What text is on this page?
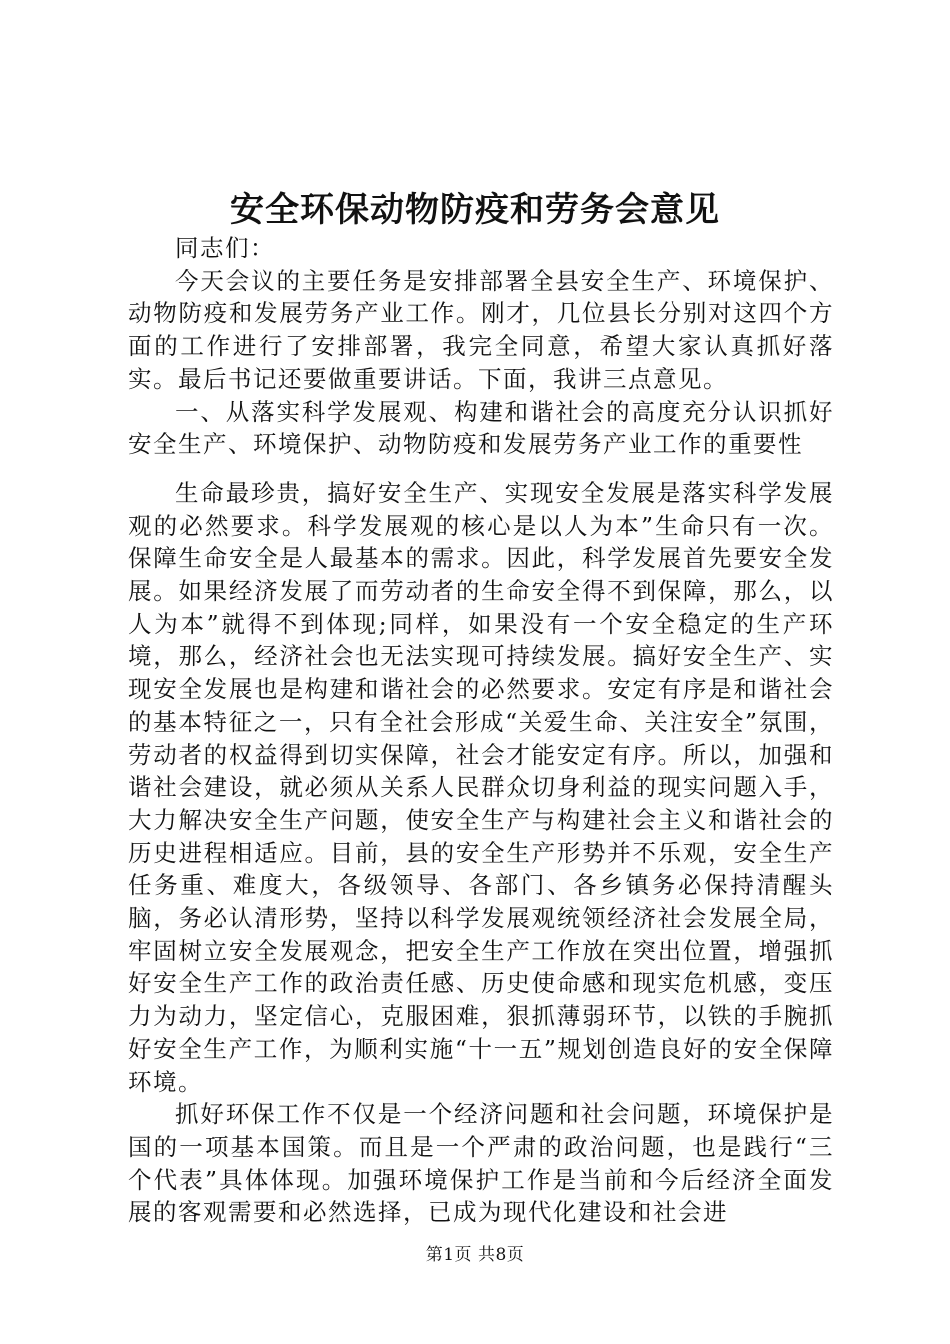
安全环保动物防疫和劳务会意见

同志们：

今天会议的主要任务是安排部署全县安全生产、环境保护、动物防疫和发展劳务产业工作。刚才，几位县长分别对这四个方面的工作进行了安排部署，我完全同意，希望大家认真抓好落实。最后书记还要做重要讲话。下面，我讲三点意见。

一、从落实科学发展观、构建和谐社会的高度充分认识抓好安全生产、环境保护、动物防疫和发展劳务产业工作的重要性

生命最珍贵，搞好安全生产、实现安全发展是落实科学发展观的必然要求。科学发展观的核心是以人为本”生命只有一次。保障生命安全是人最基本的需求。因此，科学发展首先要安全发展。如果经济发展了而劳动者的生命安全得不到保障，那么，以人为本”就得不到体现;同样，如果没有一个安全稳定的生产环境，那么，经济社会也无法实现可持续发展。搞好安全生产、实现安全发展也是构建和谐社会的必然要求。安定有序是和谐社会的基本特征之一，只有全社会形成“关爱生命、关注安全”氛围，劳动者的权益得到切实保障，社会才能安定有序。所以，加强和谐社会建设，就必须从关系人民群众切身利益的现实问题入手，大力解决安全生产问题，使安全生产与构建社会主义和谐社会的历史进程相适应。目前，县的安全生产形势并不乐观，安全生产任务重、难度大，各级领导、各部门、各乡镇务必保持清醒头脑，务必认清形势，坚持以科学发展观统领经济社会发展全局，牢固树立安全发展观念，把安全生产工作放在突出位置，增强抓好安全生产工作的政治责任感、历史使命感和现实危机感，变压力为动力，坚定信心，克服困难，狠抓薄弱环节，以铁的手腕抓好安全生产工作，为顺利实施“十一五”规划创造良好的安全保障环境。

抓好环保工作不仅是一个经济问题和社会问题，环境保护是国的一项基本国策。而且是一个严肃的政治问题，也是践行“三个代表”具体体现。加强环境保护工作是当前和今后经济全面发展的客观需要和必然选择，已成为现代化建设和社会进

第1页 共8页
